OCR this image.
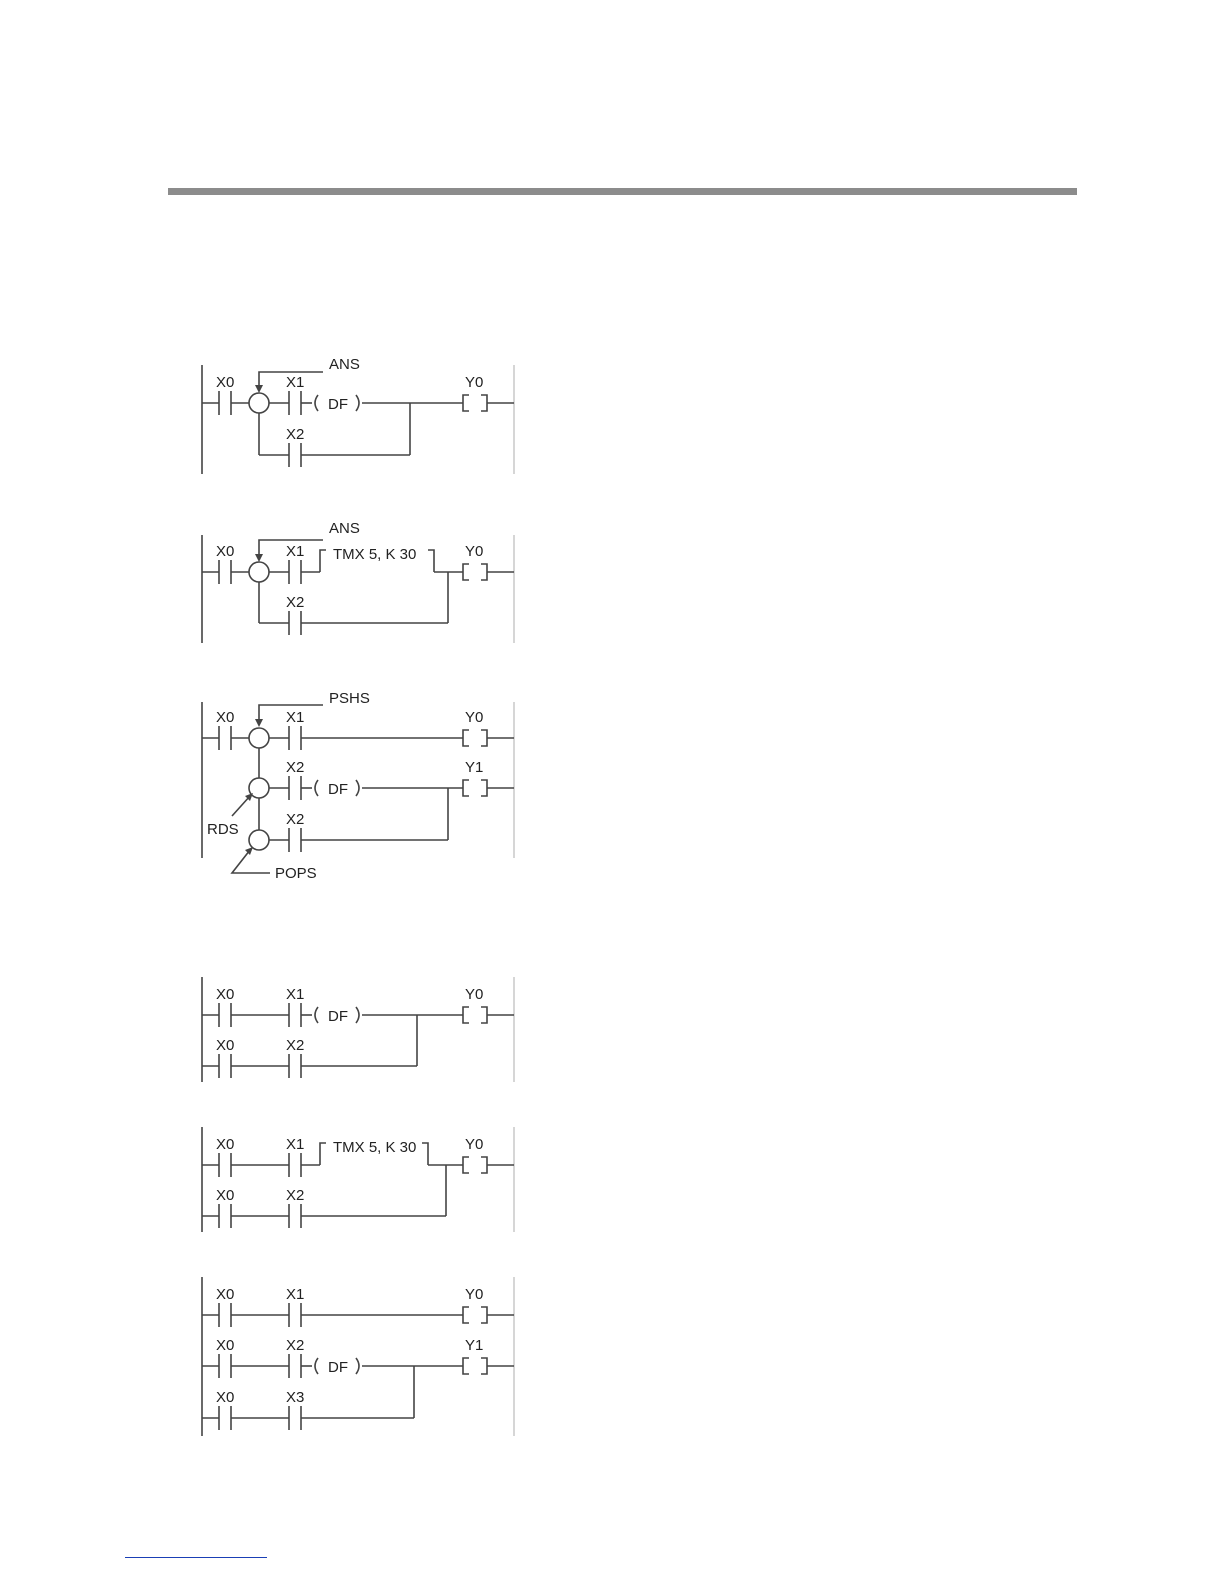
X0	X1
X2
DF
Y0
ANS
X0	X1
X2
TMX 5, K 30	Y0
ANS
X0	X1
X2
X2
DF
Y0
Y1
PSHS
RDS
POPS
X0	X1
X0	X2
DF
Y0
X0	X1
X0	X2
TMX 5, K 30	Y0
X0	X1
X0	X2
X0	X3
DF
Y0
Y1
